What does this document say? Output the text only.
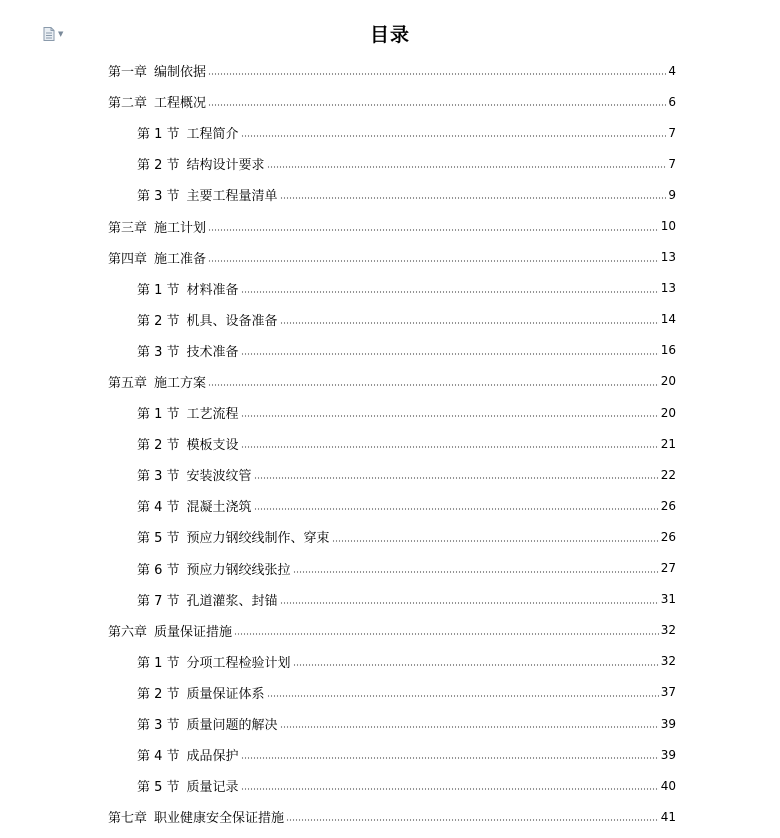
▼	目录
第一章 编制依据	4
第二章 工程概况	6
第 1 节 工程简介	7
第 2 节 结构设计要求	7
第 3 节 主要工程量清单	9
第三章 施工计划	10
第四章 施工准备	13
第 1 节 材料准备	13
第 2 节 机具、设备准备	14
第 3 节 技术准备	16
第五章 施工方案	20
第 1 节 工艺流程	20
第 2 节 模板支设	21
第 3 节 安装波纹管	22
第 4 节 混凝土浇筑	26
第 5 节 预应力钢绞线制作、穿束	26
第 6 节 预应力钢绞线张拉	27
第 7 节 孔道灌浆、封锚	31
第六章 质量保证措施	32
第 1 节 分项工程检验计划	32
第 2 节 质量保证体系	37
第 3 节 质量问题的解决	39
第 4 节 成品保护	39
第 5 节 质量记录	40
第七章 职业健康安全保证措施	41
